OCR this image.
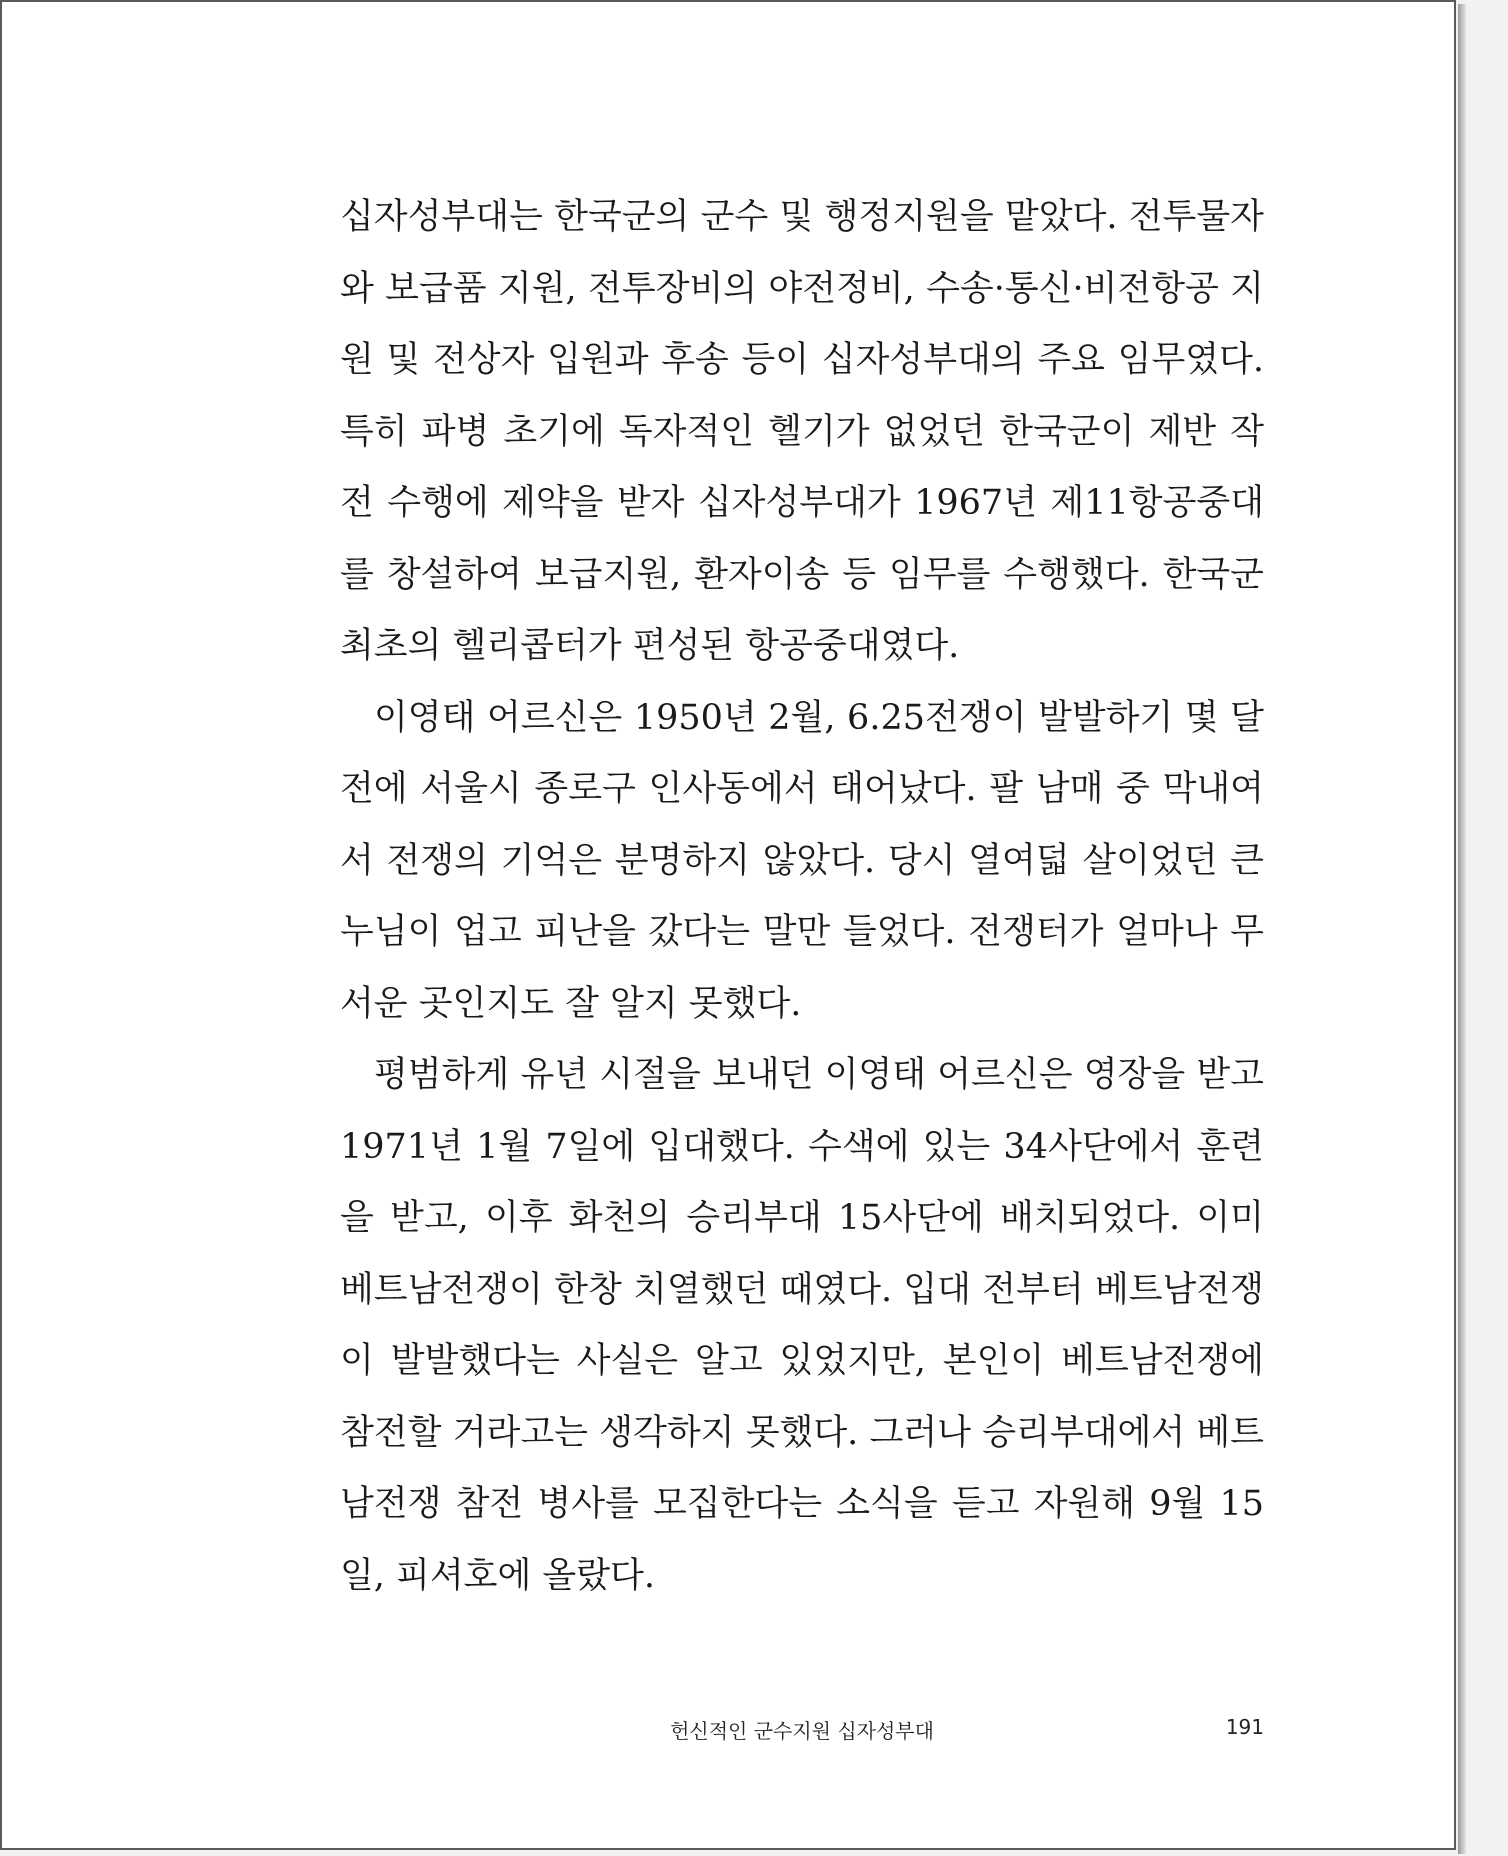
십자성부대는 한국군의 군수 및 행정지원을 맡았다. 전투물자와 보급품 지원, 전투장비의 야전정비, 수송·통신·비전항공 지원 및 전상자 입원과 후송 등이 십자성부대의 주요 임무였다. 특히 파병 초기에 독자적인 헬기가 없었던 한국군이 제반 작전 수행에 제약을 받자 십자성부대가 1967년 제11항공중대를 창설하여 보급지원, 환자이송 등 임무를 수행했다. 한국군 최초의 헬리콥터가 편성된 항공중대였다.

이영태 어르신은 1950년 2월, 6.25전쟁이 발발하기 몇 달 전에 서울시 종로구 인사동에서 태어났다. 팔 남매 중 막내여서 전쟁의 기억은 분명하지 않았다. 당시 열여덟 살이었던 큰 누님이 업고 피난을 갔다는 말만 들었다. 전쟁터가 얼마나 무서운 곳인지도 잘 알지 못했다.

평범하게 유년 시절을 보내던 이영태 어르신은 영장을 받고 1971년 1월 7일에 입대했다. 수색에 있는 34사단에서 훈련을 받고, 이후 화천의 승리부대 15사단에 배치되었다. 이미 베트남전쟁이 한창 치열했던 때였다. 입대 전부터 베트남전쟁이 발발했다는 사실은 알고 있었지만, 본인이 베트남전쟁에 참전할 거라고는 생각하지 못했다. 그러나 승리부대에서 베트남전쟁 참전 병사를 모집한다는 소식을 듣고 자원해 9월 15일, 피셔호에 올랐다.

헌신적인 군수지원 십자성부대	191
